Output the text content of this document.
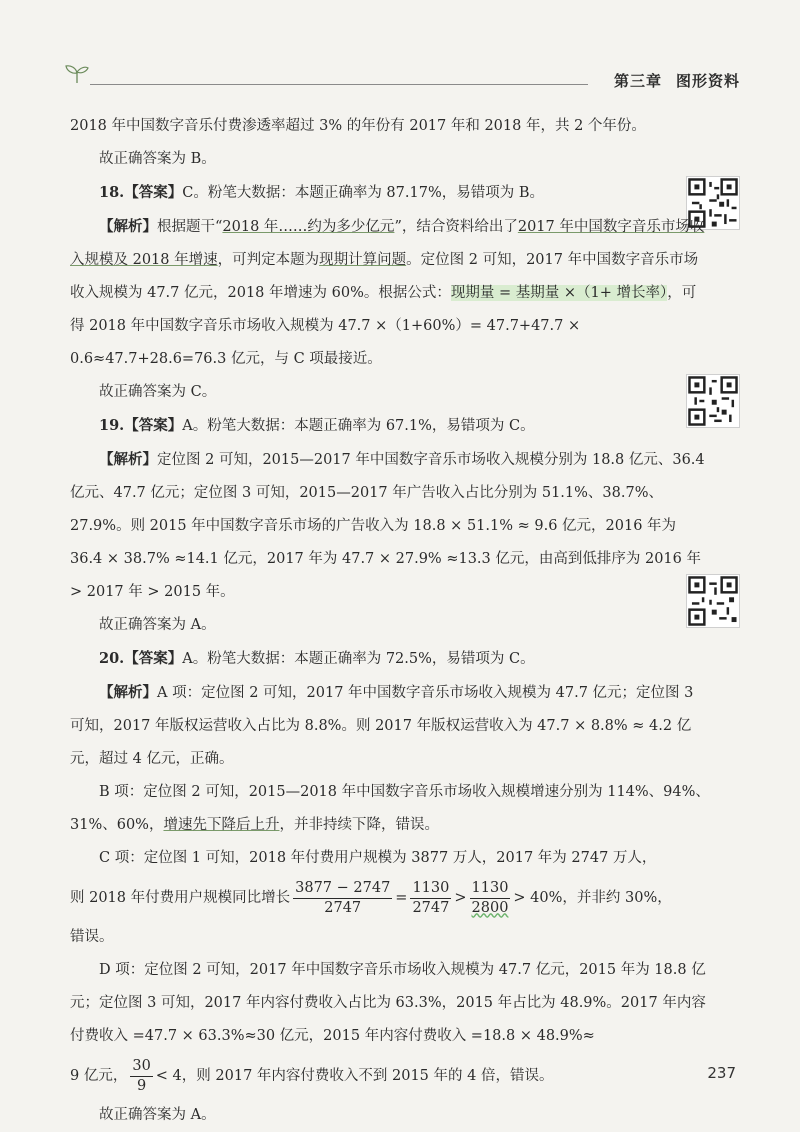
第三章 图形资料

2018 年中国数字音乐付费渗透率超过 3% 的年份有 2017 年和 2018 年，共 2 个年份。

故正确答案为 B。

18.【答案】C。粉笔大数据：本题正确率为 87.17%，易错项为 B。

【解析】根据题干“2018 年……约为多少亿元”，结合资料给出了2017 年中国数字音乐市场收入规模及 2018 年增速，可判定本题为现期计算问题。定位图 2 可知，2017 年中国数字音乐市场收入规模为 47.7 亿元，2018 年增速为 60%。根据公式：现期量 = 基期量 ×（1+ 增长率），可得 2018 年中国数字音乐市场收入规模为 47.7 ×（1+60%）= 47.7+47.7 × 0.6≈47.7+28.6=76.3 亿元，与 C 项最接近。

故正确答案为 C。

19.【答案】A。粉笔大数据：本题正确率为 67.1%，易错项为 C。

【解析】定位图 2 可知，2015—2017 年中国数字音乐市场收入规模分别为 18.8 亿元、36.4 亿元、47.7 亿元；定位图 3 可知，2015—2017 年广告收入占比分别为 51.1%、38.7%、27.9%。则 2015 年中国数字音乐市场的广告收入为 18.8 × 51.1% ≈ 9.6 亿元，2016 年为 36.4 × 38.7% ≈14.1 亿元，2017 年为 47.7 × 27.9% ≈13.3 亿元，由高到低排序为 2016 年 > 2017 年 > 2015 年。

故正确答案为 A。

20.【答案】A。粉笔大数据：本题正确率为 72.5%，易错项为 C。

【解析】A 项：定位图 2 可知，2017 年中国数字音乐市场收入规模为 47.7 亿元；定位图 3 可知，2017 年版权运营收入占比为 8.8%。则 2017 年版权运营收入为 47.7 × 8.8% ≈ 4.2 亿元，超过 4 亿元，正确。

B 项：定位图 2 可知，2015—2018 年中国数字音乐市场收入规模增速分别为 114%、94%、31%、60%，增速先下降后上升，并非持续下降，错误。

C 项：定位图 1 可知，2018 年付费用户规模为 3877 万人，2017 年为 2747 万人，

则 2018 年付费用户规模同比增长 $\frac{3877 - 2747}{2747} = \frac{1130}{2747} > \frac{1130}{2800} > 40\%$，并非约 30%，

错误。

D 项：定位图 2 可知，2017 年中国数字音乐市场收入规模为 47.7 亿元，2015 年为 18.8 亿元；定位图 3 可知，2017 年内容付费收入占比为 63.3%，2015 年占比为 48.9%。2017 年内容付费收入 =47.7 × 63.3%≈30 亿元，2015 年内容付费收入 =18.8 × 48.9%≈

9 亿元， $\frac{30}{9} < 4$，则 2017 年内容付费收入不到 2015 年的 4 倍，错误。

故正确答案为 A。

237
